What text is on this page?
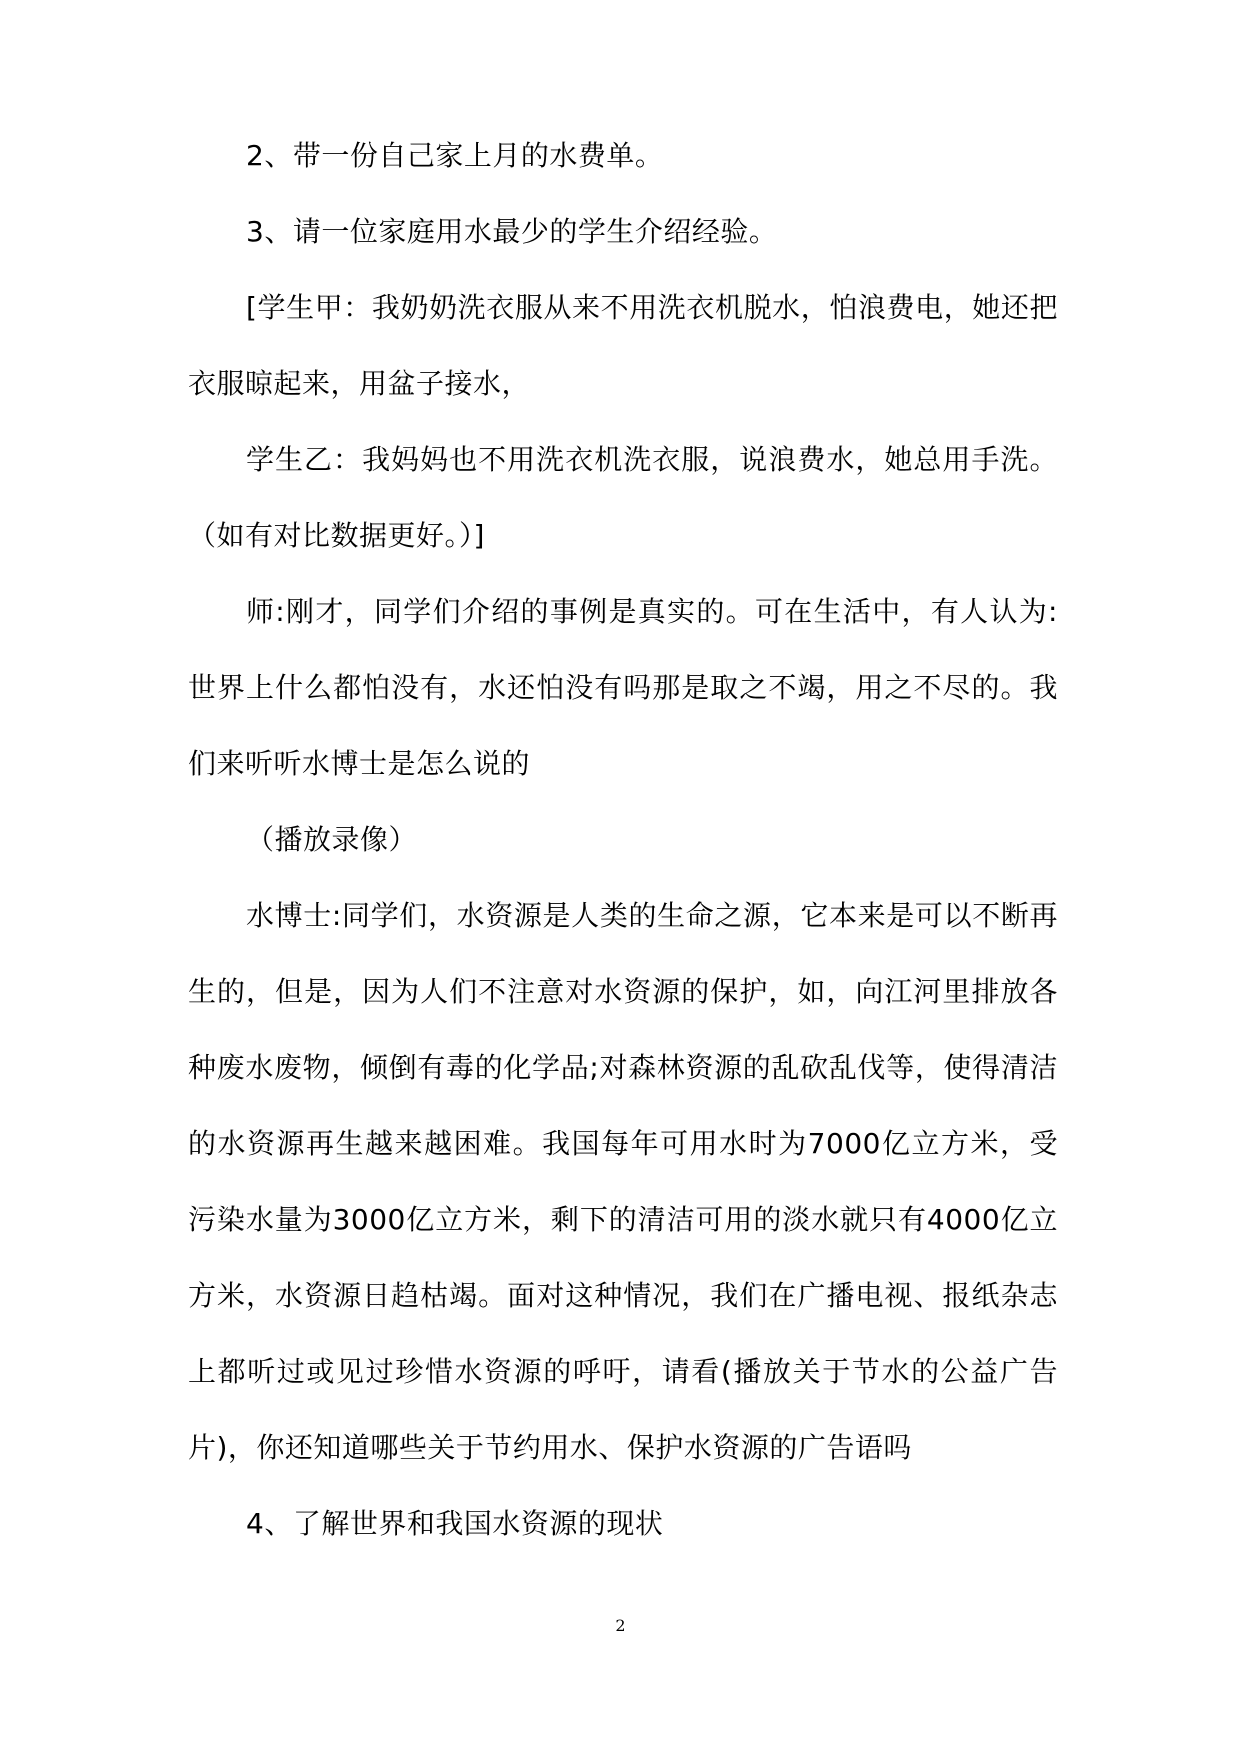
2、带一份自己家上月的水费单。

3、请一位家庭用水最少的学生介绍经验。

[学生甲：我奶奶洗衣服从来不用洗衣机脱水，怕浪费电，她还把衣服晾起来，用盆子接水，

学生乙：我妈妈也不用洗衣机洗衣服，说浪费水，她总用手洗。（如有对比数据更好。）]

师:刚才，同学们介绍的事例是真实的。可在生活中，有人认为:世界上什么都怕没有，水还怕没有吗那是取之不竭，用之不尽的。我们来听听水博士是怎么说的

（播放录像）

水博士:同学们，水资源是人类的生命之源，它本来是可以不断再生的，但是，因为人们不注意对水资源的保护，如，向江河里排放各种废水废物，倾倒有毒的化学品;对森林资源的乱砍乱伐等，使得清洁的水资源再生越来越困难。我国每年可用水时为7000亿立方米，受污染水量为3000亿立方米，剩下的清洁可用的淡水就只有4000亿立方米，水资源日趋枯竭。面对这种情况，我们在广播电视、报纸杂志上都听过或见过珍惜水资源的呼吁，请看(播放关于节水的公益广告片)，你还知道哪些关于节约用水、保护水资源的广告语吗

4、了解世界和我国水资源的现状

2
